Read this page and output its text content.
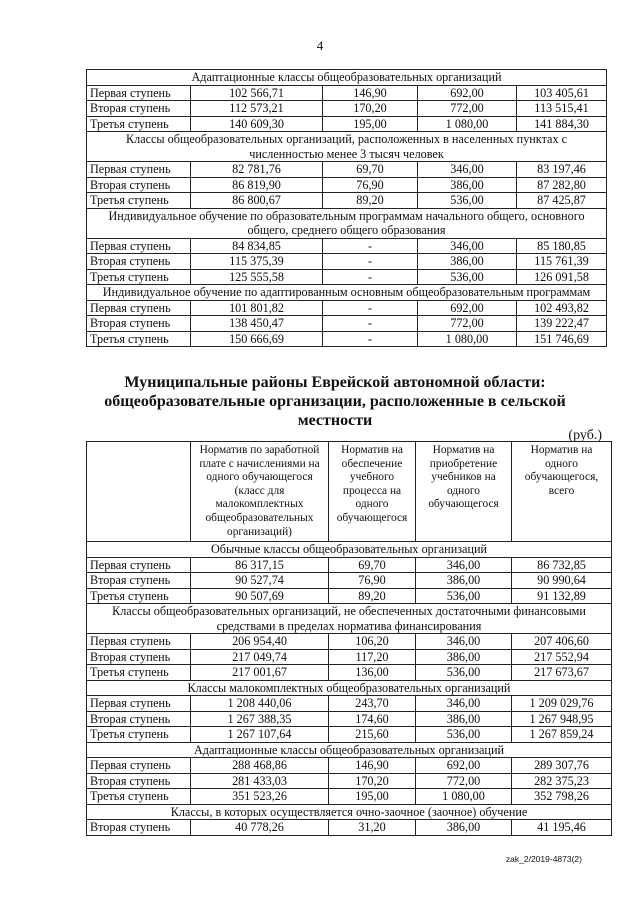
4
Адаптационные классы общеобразовательных организаций				
Первая ступень	102 566,71	146,90	692,00	103 405,61
Вторая ступень	112 573,21	170,20	772,00	113 515,41
Третья ступень	140 609,30	195,00	1 080,00	141 884,30
Классы общеобразовательных организаций, расположенных в населенных пунктах с численностью менее 3 тысяч человек				
Первая ступень	82 781,76	69,70	346,00	83 197,46
Вторая ступень	86 819,90	76,90	386,00	87 282,80
Третья ступень	86 800,67	89,20	536,00	87 425,87
Индивидуальное обучение по образовательным программам начального общего, основного общего, среднего общего образования				
Первая ступень	84 834,85	-	346,00	85 180,85
Вторая ступень	115 375,39	-	386,00	115 761,39
Третья ступень	125 555,58	-	536,00	126 091,58
Индивидуальное обучение по адаптированным основным общеобразовательным программам				
Первая ступень	101 801,82	-	692,00	102 493,82
Вторая ступень	138 450,47	-	772,00	139 222,47
Третья ступень	150 666,69	-	1 080,00	151 746,69
Муниципальные районы Еврейской автономной области: общеобразовательные организации, расположенные в сельской местности
(руб.)
	Норматив по заработной плате с начислениями на одного обучающегося (класс для малокомплектных общеобразовательных организаций)	Норматив на обеспечение учебного процесса на одного обучающегося	Норматив на приобретение учебников на одного обучающегося	Норматив на одного обучающегося, всего
Обычные классы общеобразовательных организаций				
Первая ступень	86 317,15	69,70	346,00	86 732,85
Вторая ступень	90 527,74	76,90	386,00	90 990,64
Третья ступень	90 507,69	89,20	536,00	91 132,89
Классы общеобразовательных организаций, не обеспеченных достаточными финансовыми средствами в пределах норматива финансирования				
Первая ступень	206 954,40	106,20	346,00	207 406,60
Вторая ступень	217 049,74	117,20	386,00	217 552,94
Третья ступень	217 001,67	136,00	536,00	217 673,67
Классы малокомплектных общеобразовательных организаций				
Первая ступень	1 208 440,06	243,70	346,00	1 209 029,76
Вторая ступень	1 267 388,35	174,60	386,00	1 267 948,95
Третья ступень	1 267 107,64	215,60	536,00	1 267 859,24
Адаптационные классы общеобразовательных организаций				
Первая ступень	288 468,86	146,90	692,00	289 307,76
Вторая ступень	281 433,03	170,20	772,00	282 375,23
Третья ступень	351 523,26	195,00	1 080,00	352 798,26
Классы, в которых осуществляется очно-заочное (заочное) обучение				
Вторая ступень	40 778,26	31,20	386,00	41 195,46
zak_2/2019-4873(2)
